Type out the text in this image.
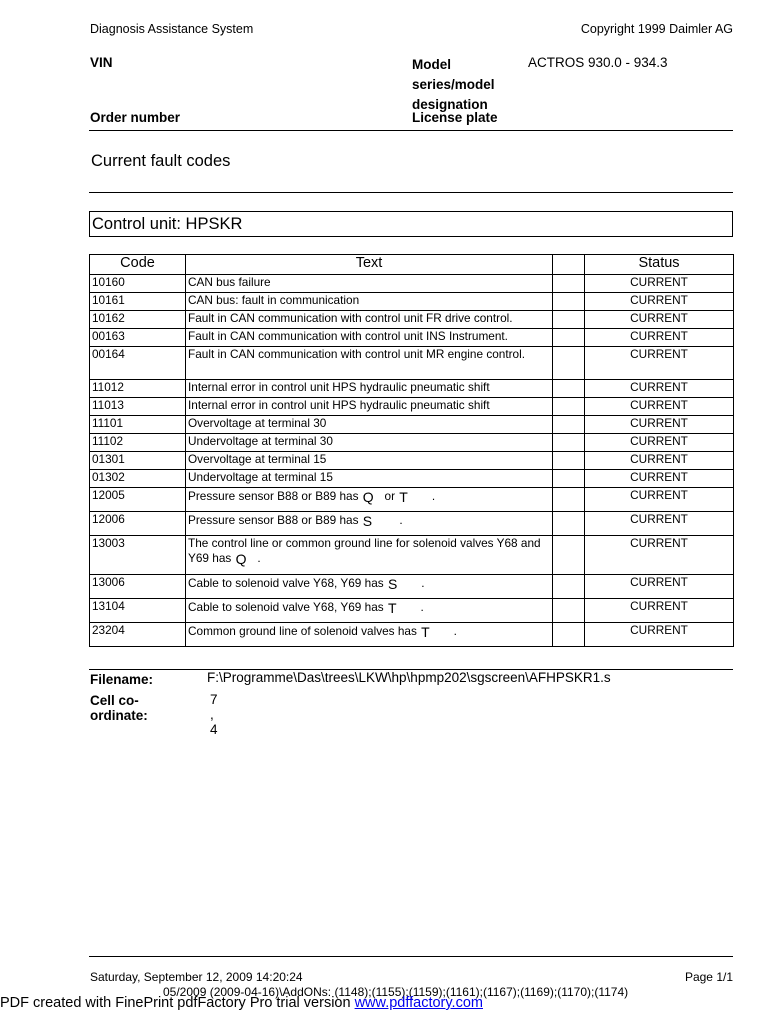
Diagnosis Assistance System	Copyright 1999 Daimler AG
VIN	Model
series/model
designation
ACTROS 930.0 - 934.3
Order number	License plate
Current fault codes
Control unit: HPSKR
Code	Text		Status
10160	CAN bus failure		CURRENT
10161	CAN bus: fault in communication		CURRENT
10162	Fault in CAN communication with control unit FR drive control.		CURRENT
00163	Fault in CAN communication with control unit INS Instrument.		CURRENT
00164	Fault in CAN communication with control unit MR engine control.		CURRENT
11012	Internal error in control unit HPS hydraulic pneumatic shift		CURRENT
11013	Internal error in control unit HPS hydraulic pneumatic shift		CURRENT
11101	Overvoltage at terminal 30		CURRENT
11102	Undervoltage at terminal 30		CURRENT
01301	Overvoltage at terminal 15		CURRENT
01302	Undervoltage at terminal 15		CURRENT
12005	Pressure sensor B88 or B89 has Q or T .		CURRENT
12006	Pressure sensor B88 or B89 has S .		CURRENT
13003	The control line or common ground line for solenoid valves Y68 and Y69 has Q .		CURRENT
13006	Cable to solenoid valve Y68, Y69 has S .		CURRENT
13104	Cable to solenoid valve Y68, Y69 has T .		CURRENT
23204	Common ground line of solenoid valves has T .		CURRENT
Filename:	F:\Programme\Das\trees\LKW\hp\hpmp202\sgscreen\AFHPSKR1.s
Cell co-ordinate:
7 , 4
Saturday, September 12, 2009 14:20:24	Page 1/1
05/2009 (2009-04-16)\AddONs: (1148);(1155);(1159);(1161);(1167);(1169);(1170);(1174)
PDF created with FinePrint pdfFactory Pro trial version www.pdffactory.com
